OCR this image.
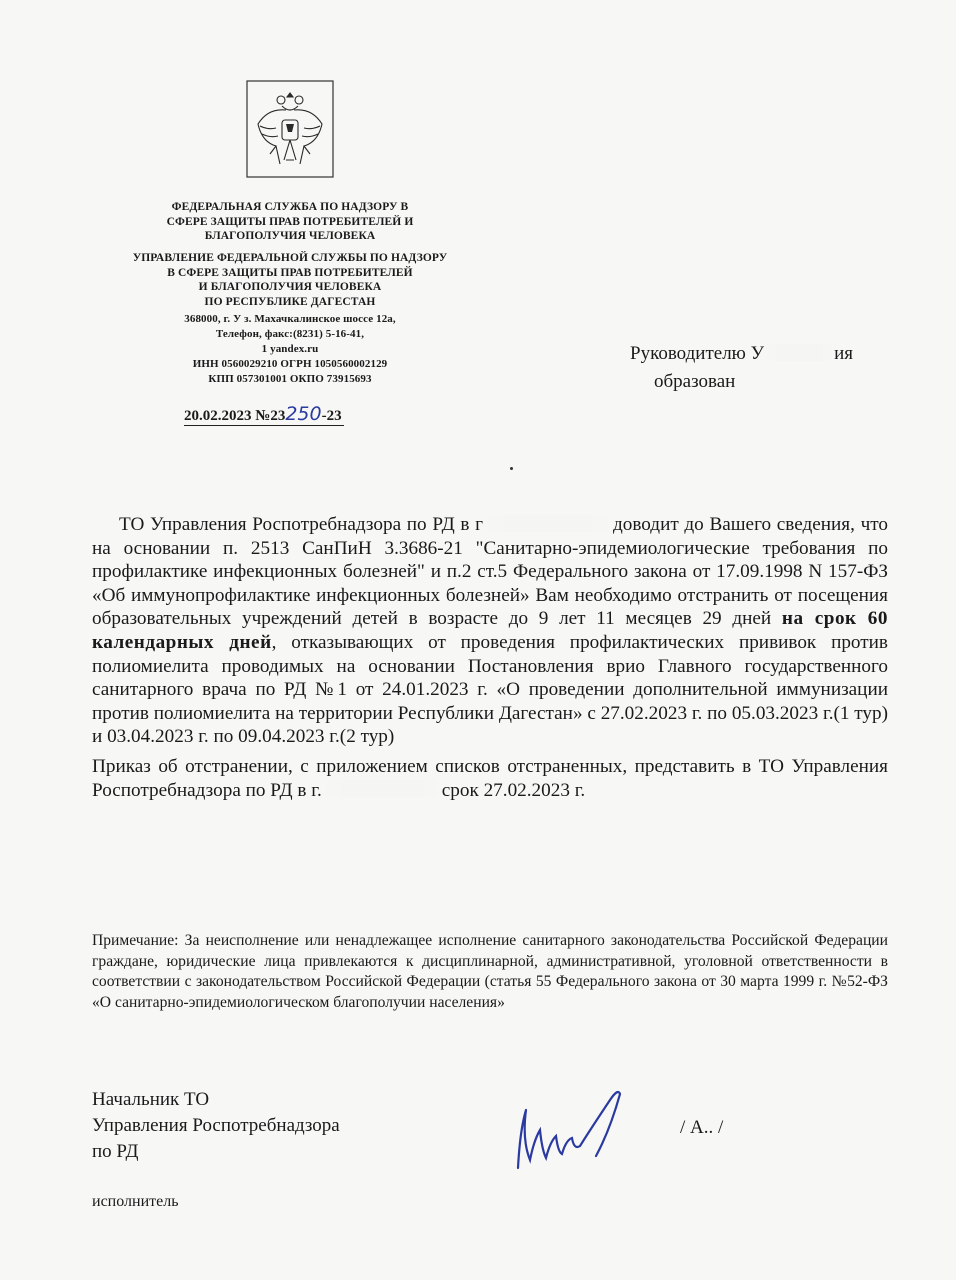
ФЕДЕРАЛЬНАЯ СЛУЖБА ПО НАДЗОРУ В
СФЕРЕ ЗАЩИТЫ ПРАВ ПОТРЕБИТЕЛЕЙ И
БЛАГОПОЛУЧИЯ ЧЕЛОВЕКА
УПРАВЛЕНИЕ ФЕДЕРАЛЬНОЙ СЛУЖБЫ ПО НАДЗОРУ
В СФЕРЕ ЗАЩИТЫ ПРАВ ПОТРЕБИТЕЛЕЙ
И БЛАГОПОЛУЧИЯ ЧЕЛОВЕКА
ПО РЕСПУБЛИКЕ ДАГЕСТАН
368000, г. У з. Махачкалинское шоссе 12а,
Телефон, факс:(8231) 5-16-41,
1 yandex.ru
ИНН 0560029210 ОГРН 1050560002129
КПП 057301001 ОКПО 73915693
20.02.2023 №23250-23
Руководителю У	ия
образован

ТО Управления Роспотребнадзора по РД в г	доводит до Вашего сведения, что на основании п. 2513 СанПиН 3.3686-21 "Санитарно-эпидемиологические требования по профилактике инфекционных болезней" и п.2 ст.5 Федерального закона от 17.09.1998 N 157-ФЗ «Об иммунопрофилактике инфекционных болезней» Вам необходимо отстранить от посещения образовательных учреждений детей в возрасте до 9 лет 11 месяцев 29 дней на срок 60 календарных дней, отказывающих от проведения профилактических прививок против полиомиелита проводимых на основании Постановления врио Главного государственного санитарного врача по РД №1 от 24.01.2023 г. «О проведении дополнительной иммунизации против полиомиелита на территории Республики Дагестан» с 27.02.2023 г. по 05.03.2023 г.(1 тур) и 03.04.2023 г. по 09.04.2023 г.(2 тур)

Приказ об отстранении, с приложением списков отстраненных, представить в ТО Управления Роспотребнадзора по РД в г.	срок 27.02.2023 г.

Примечание: За неисполнение или ненадлежащее исполнение санитарного законодательства Российской Федерации граждане, юридические лица привлекаются к дисциплинарной, административной, уголовной ответственности в соответствии с законодательством Российской Федерации (статья 55 Федерального закона от 30 марта 1999 г. №52-ФЗ «О санитарно-эпидемиологическом благополучии населения»
Начальник ТО
Управления Роспотребнадзора
по РД
/ А.. /
исполнитель
